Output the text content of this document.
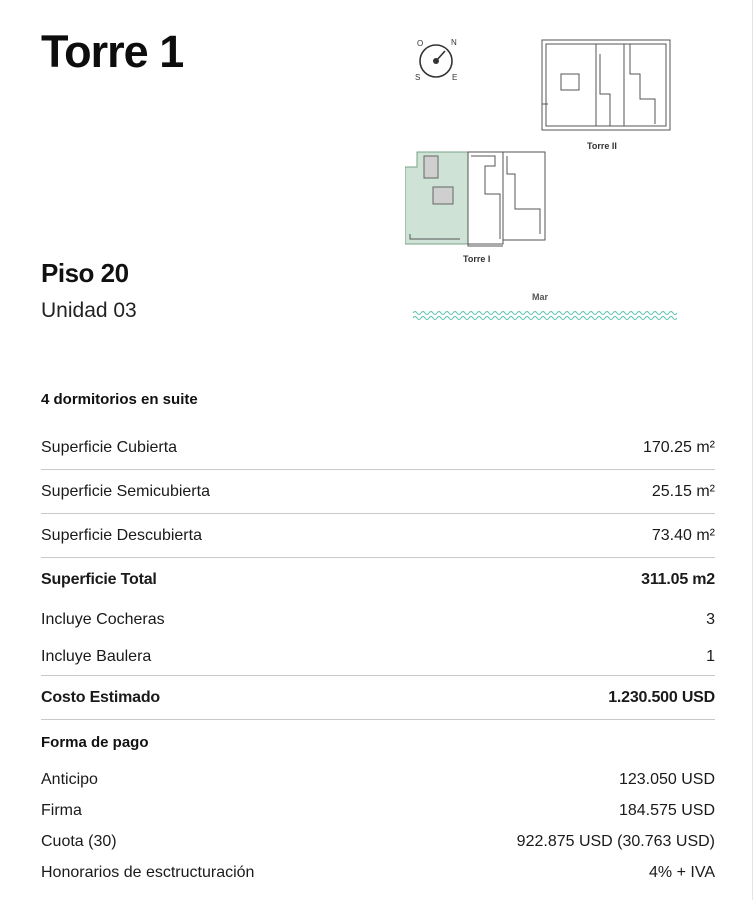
Torre 1
Piso 20
Unidad 03
O	N
S	E
Torre II
Torre I
Mar
4 dormitorios en suite
Superficie Cubierta	170.25 m²
Superficie Semicubierta	25.15 m²
Superficie Descubierta	73.40 m²
Superficie Total	311.05 m2
Incluye Cocheras	3
Incluye Baulera	1
Costo Estimado	1.230.500 USD
Forma de pago
Anticipo	123.050 USD
Firma	184.575 USD
Cuota (30)	922.875 USD (30.763 USD)
Honorarios de esctructuración	4% + IVA
